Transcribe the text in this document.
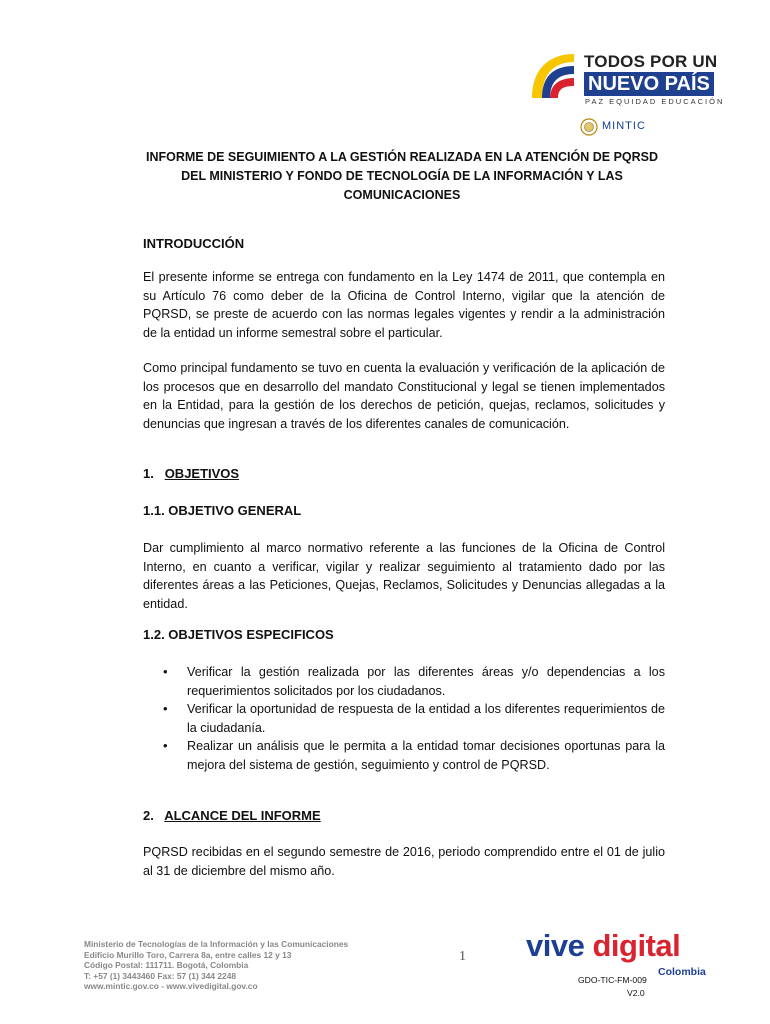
TODOS POR UN
NUEVO PAÍS
PAZ EQUIDAD EDUCACIÓN
MINTIC
INFORME DE SEGUIMIENTO A LA GESTIÓN REALIZADA EN LA ATENCIÓN DE PQRSD
DEL MINISTERIO Y FONDO DE TECNOLOGÍA DE LA INFORMACIÓN Y LAS
COMUNICACIONES
INTRODUCCIÓN

El presente informe se entrega con fundamento en la Ley 1474 de 2011, que contempla en su Artículo 76 como deber de la Oficina de Control Interno, vigilar que la atención de PQRSD, se preste de acuerdo con las normas legales vigentes y rendir a la administración de la entidad un informe semestral sobre el particular.

Como principal fundamento se tuvo en cuenta la evaluación y verificación de la aplicación de los procesos que en desarrollo del mandato Constitucional y legal se tienen implementados en la Entidad, para la gestión de los derechos de petición, quejas, reclamos, solicitudes y denuncias que ingresan a través de los diferentes canales de comunicación.

1. OBJETIVOS
1.1. OBJETIVO GENERAL

Dar cumplimiento al marco normativo referente a las funciones de la Oficina de Control Interno, en cuanto a verificar, vigilar y realizar seguimiento al tratamiento dado por las diferentes áreas a las Peticiones, Quejas, Reclamos, Solicitudes y Denuncias allegadas a la entidad.

1.2. OBJETIVOS ESPECIFICOS
• Verificar la gestión realizada por las diferentes áreas y/o dependencias a los requerimientos solicitados por los ciudadanos.
• Verificar la oportunidad de respuesta de la entidad a los diferentes requerimientos de la ciudadanía.
• Realizar un análisis que le permita a la entidad tomar decisiones oportunas para la mejora del sistema de gestión, seguimiento y control de PQRSD.
2. ALCANCE DEL INFORME

PQRSD recibidas en el segundo semestre de 2016, periodo comprendido entre el 01 de julio al 31 de diciembre del mismo año.

Ministerio de Tecnologías de la Información y las Comunicaciones
Edificio Murillo Toro, Carrera 8a, entre calles 12 y 13
Código Postal: 111711. Bogotá, Colombia
T: +57 (1) 3443460 Fax: 57 (1) 344 2248
www.mintic.gov.co - www.vivedigital.gov.co
1 vive digital
Colombia
GDO-TIC-FM-009
V2.0
